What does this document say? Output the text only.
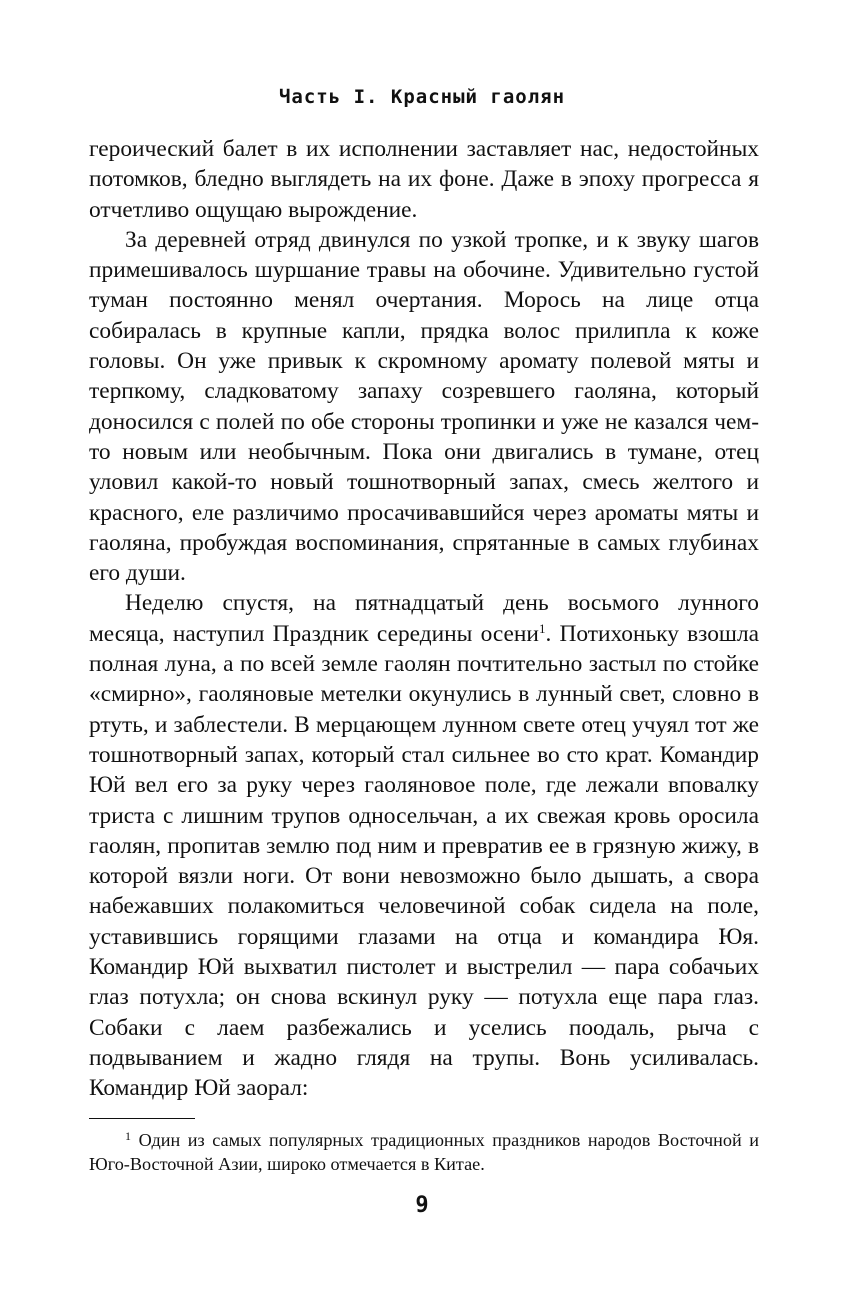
Часть I. Красный гаолян

героический балет в их исполнении заставляет нас, недостойных потомков, бледно выглядеть на их фоне. Даже в эпоху прогресса я отчетливо ощущаю вырождение.

За деревней отряд двинулся по узкой тропке, и к звуку шагов примешивалось шуршание травы на обочине. Удивительно густой туман постоянно менял очертания. Морось на лице отца собиралась в крупные капли, прядка волос прилипла к коже головы. Он уже привык к скромному аромату полевой мяты и терпкому, сладковатому запаху созревшего гаоляна, который доносился с полей по обе стороны тропинки и уже не казался чем-то новым или необычным. Пока они двигались в тумане, отец уловил какой-то новый тошнотворный запах, смесь желтого и красного, еле различимо просачивавшийся через ароматы мяты и гаоляна, пробуждая воспоминания, спрятанные в самых глубинах его души.

Неделю спустя, на пятнадцатый день восьмого лунного месяца, наступил Праздник середины осени$^1$. Потихоньку взошла полная луна, а по всей земле гаолян почтительно застыл по стойке «смирно», гаоляновые метелки окунулись в лунный свет, словно в ртуть, и заблестели. В мерцающем лунном свете отец учуял тот же тошнотворный запах, который стал сильнее во сто крат. Командир Юй вел его за руку через гаоляновое поле, где лежали вповалку триста с лишним трупов односельчан, а их свежая кровь оросила гаолян, пропитав землю под ним и превратив ее в грязную жижу, в которой вязли ноги. От вони невозможно было дышать, а свора набежавших полакомиться человечиной собак сидела на поле, уставившись горящими глазами на отца и командира Юя. Командир Юй выхватил пистолет и выстрелил — пара собачьих глаз потухла; он снова вскинул руку — потухла еще пара глаз. Собаки с лаем разбежались и уселись поодаль, рыча с подвыванием и жадно глядя на трупы. Вонь усиливалась. Командир Юй заорал:

$^1$ Один из самых популярных традиционных праздников народов Восточной и Юго-Восточной Азии, широко отмечается в Китае.
9
